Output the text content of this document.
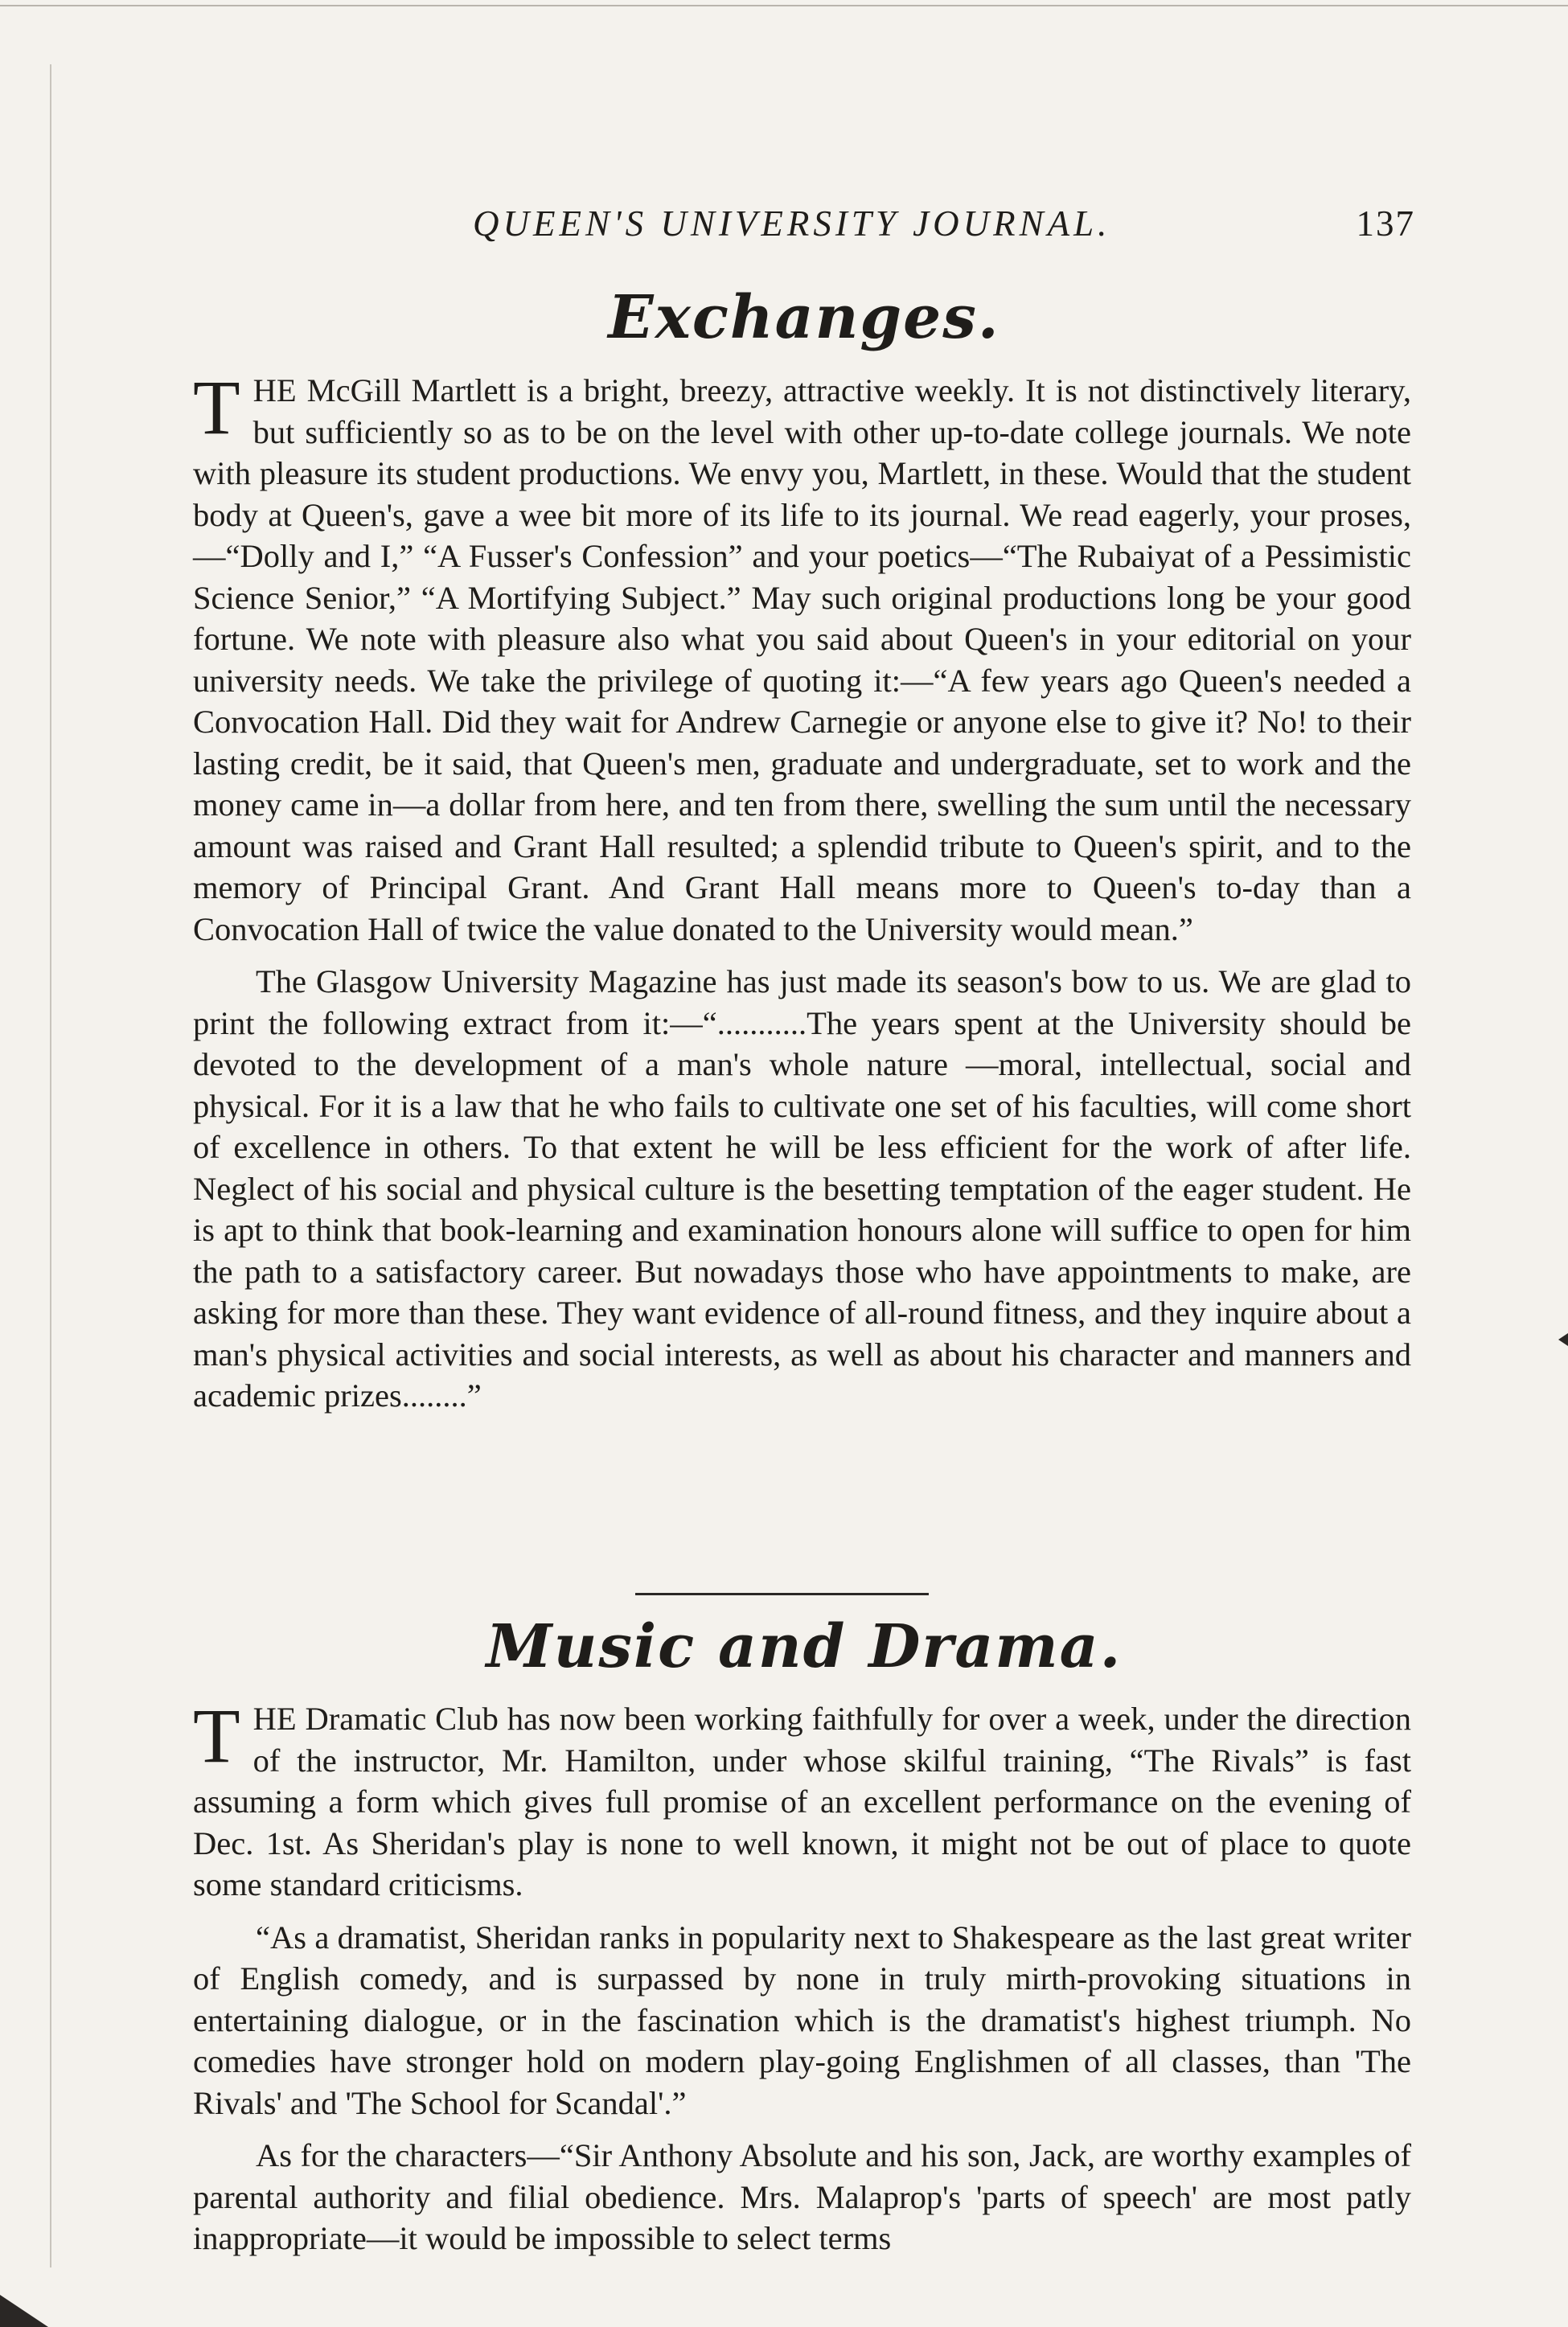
QUEEN'S UNIVERSITY JOURNAL.	137
Exchanges.

THE McGill Martlett is a bright, breezy, attractive weekly. It is not distinctively literary, but sufficiently so as to be on the level with other up-to-date college journals. We note with pleasure its student productions. We envy you, Martlett, in these. Would that the student body at Queen's, gave a wee bit more of its life to its journal. We read eagerly, your proses,—“Dolly and I,” “A Fusser's Confession” and your poetics—“The Rubaiyat of a Pessimistic Science Senior,” “A Mortifying Subject.” May such original productions long be your good fortune. We note with pleasure also what you said about Queen's in your editorial on your university needs. We take the privilege of quoting it:—“A few years ago Queen's needed a Convocation Hall. Did they wait for Andrew Carnegie or anyone else to give it? No! to their lasting credit, be it said, that Queen's men, graduate and undergraduate, set to work and the money came in—a dollar from here, and ten from there, swelling the sum until the necessary amount was raised and Grant Hall resulted; a splendid tribute to Queen's spirit, and to the memory of Principal Grant. And Grant Hall means more to Queen's to-day than a Convocation Hall of twice the value donated to the University would mean.”

The Glasgow University Magazine has just made its season's bow to us. We are glad to print the following extract from it:—“...........The years spent at the University should be devoted to the development of a man's whole nature —moral, intellectual, social and physical. For it is a law that he who fails to cultivate one set of his faculties, will come short of excellence in others. To that extent he will be less efficient for the work of after life. Neglect of his social and physical culture is the besetting temptation of the eager student. He is apt to think that book-learning and examination honours alone will suffice to open for him the path to a satisfactory career. But nowadays those who have appointments to make, are asking for more than these. They want evidence of all-round fitness, and they inquire about a man's physical activities and social interests, as well as about his character and manners and academic prizes........”

Music and Drama.

THE Dramatic Club has now been working faithfully for over a week, under the direction of the instructor, Mr. Hamilton, under whose skilful training, “The Rivals” is fast assuming a form which gives full promise of an excellent performance on the evening of Dec. 1st. As Sheridan's play is none to well known, it might not be out of place to quote some standard criticisms.

“As a dramatist, Sheridan ranks in popularity next to Shakespeare as the last great writer of English comedy, and is surpassed by none in truly mirth-provoking situations in entertaining dialogue, or in the fascination which is the dramatist's highest triumph. No comedies have stronger hold on modern play-going Englishmen of all classes, than 'The Rivals' and 'The School for Scandal'.”

As for the characters—“Sir Anthony Absolute and his son, Jack, are worthy examples of parental authority and filial obedience. Mrs. Malaprop's 'parts of speech' are most patly inappropriate—it would be impossible to select terms
